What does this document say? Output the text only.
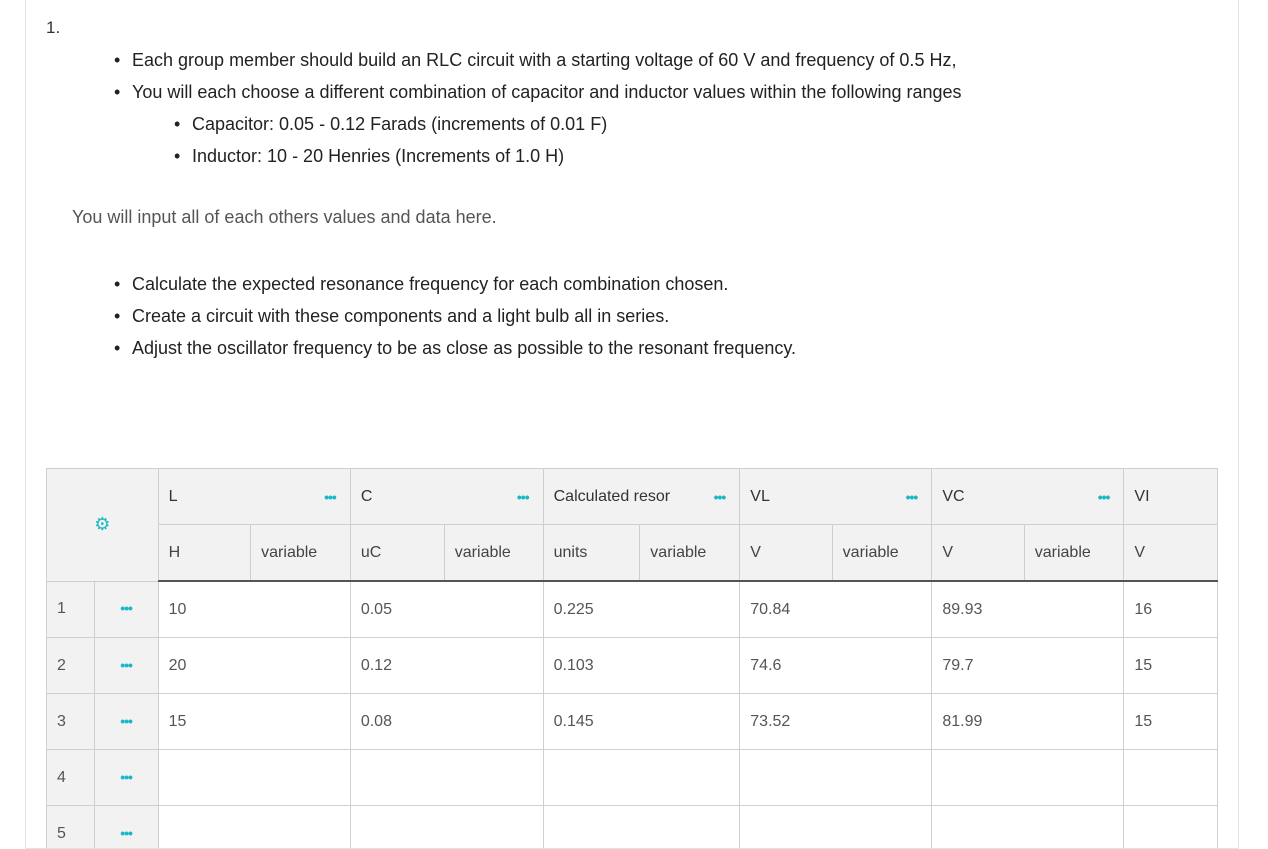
1.
• Each group member should build an RLC circuit with a starting voltage of 60 V and frequency of 0.5 Hz,
• You will each choose a different combination of capacitor and inductor values within the following ranges
• Capacitor: 0.05 - 0.12 Farads (increments of 0.01 F)
• Inductor: 10 - 20 Henries (Increments of 1.0 H)
You will input all of each others values and data here.
• Calculate the expected resonance frequency for each combination chosen.
• Create a circuit with these components and a light bulb all in series.
• Adjust the oscillator frequency to be as close as possible to the resonant frequency.
⚙		L •••		C •••		Calculated resor •••		VL •••		VC •••		VI
		H	variable	uC	variable	units	variable	V	variable	V	variable	V
1	•••	10		0.05		0.225		70.84		89.93		16
2	•••	20		0.12		0.103		74.6		79.7		15
3	•••	15		0.08		0.145		73.52		81.99		15
4	•••											
5	•••											
